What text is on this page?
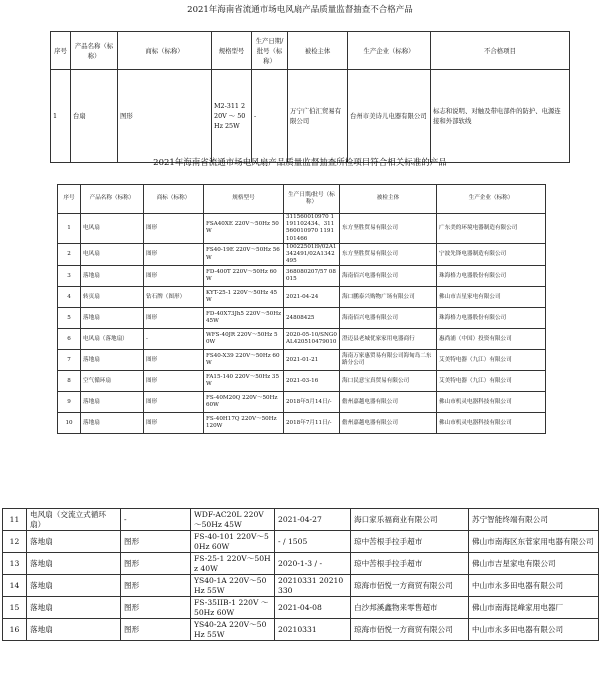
2021年海南省流通市场电风扇产品质量监督抽查不合格产品
序号	产品名称（标称）	商标（标称）	规格型号	生产日期/批号（标称）	被检主体	生产企业（标称）	不合格项目
1	台扇	图形	M2-311 220V ～ 50Hz 25W	-	万宁广伯汇贸易有限公司	台州市美诗儿电器有限公司	标志和说明、对触及带电部件的防护、电源连接和外部软线
2021年海南省流通市场电风扇产品质量监督抽查所检项目符合相关标准的产品
序号	产品名称（标称）	商标（标称）	规格型号	生产日期/批号（标称）	被检主体	生产企业（标称）
1	电风扇	图形	FSA40XE 220V～50Hz 50W	311560010970 1191102434、311560010970 1191101466	东方坚胜贸易有限公司	广东美的环境电器制造有限公司
2	电风扇	图形	FS40-19E 220V～50Hz 56W	10022501l9/02A1342491/02A1342495	东方坚胜贸易有限公司	宁波先锋电器制造有限公司
3	落地扇	图形	FD-400T 220V～50Hz 60W	368080207/57 08015	海南佰兴电器有限公司	珠海格力电器股份有限公司
4	转页扇	钻石牌（图形）	KYT-25-1 220V～50Hz 45W	2021-04-24	海口鹏泰兴购物广场有限公司	佛山市吉星家电有限公司
5	落地扇	图形	FD-40X73Jh5 220V～50Hz 45W	24808425	海南佰兴电器有限公司	珠海格力电器股份有限公司
6	电风扇（落地扇）	-	WFS-40JR 220V～50Hz 50W	2020-05-10/SNG0AL420510479010	澄迈县老城优家家用电器商行	惠尚浦（中国）投资有限公司
7	落地扇	图形	FS40-X39 220V～50Hz 60W	2021-01-21	海南万家惠贸易有限公司海甸岛二东路分公司	艾美特电器（九江）有限公司
8	空气循环扇	图形	FA15-140 220V～50Hz 35W	2021-03-16	海口民意宝真贸易有限公司	艾美特电器（九江）有限公司
9	落地扇	图形	FS-40M20Q 220V～50Hz 60W	2018年5月14日/-	儋州嘉越电器有限公司	佛山市机灵电器科技有限公司
10	落地扇	图形	FS-40H17Q 220V～50Hz 120W	2018年7月11日/-	儋州嘉越电器有限公司	佛山市机灵电器科技有限公司
11	电风扇（交流立式循环扇）	-	WDF-AC20L 220V～50Hz 45W	2021-04-27	海口家乐福商业有限公司	苏宁智能终端有限公司
12	落地扇	图形	FS-40-101 220V～50Hz 60W	- / 1505	琼中苦根手拉手超市	佛山市南海区东菅家用电器有限公司
13	落地扇	图形	FS-25-1 220V～50Hz 40W	2020-1-3 / -	琼中苦根手拉手超市	佛山市吉星家电有限公司
14	落地扇	图形	YS40-1A 220V～50Hz 55W	20210331 20210330	琼海市佰悦一方商贸有限公司	中山市永多田电器有限公司
15	落地扇	图形	FS-35IIB-1 220V ～ 50Hz 60W	2021-04-08	白沙邦溪鑫物来零售超市	佛山市南海昆峰家用电器厂
16	落地扇	图形	YS40-2A 220V～50Hz 55W	20210331	琼海市佰悦一方商贸有限公司	中山市永多田电器有限公司
